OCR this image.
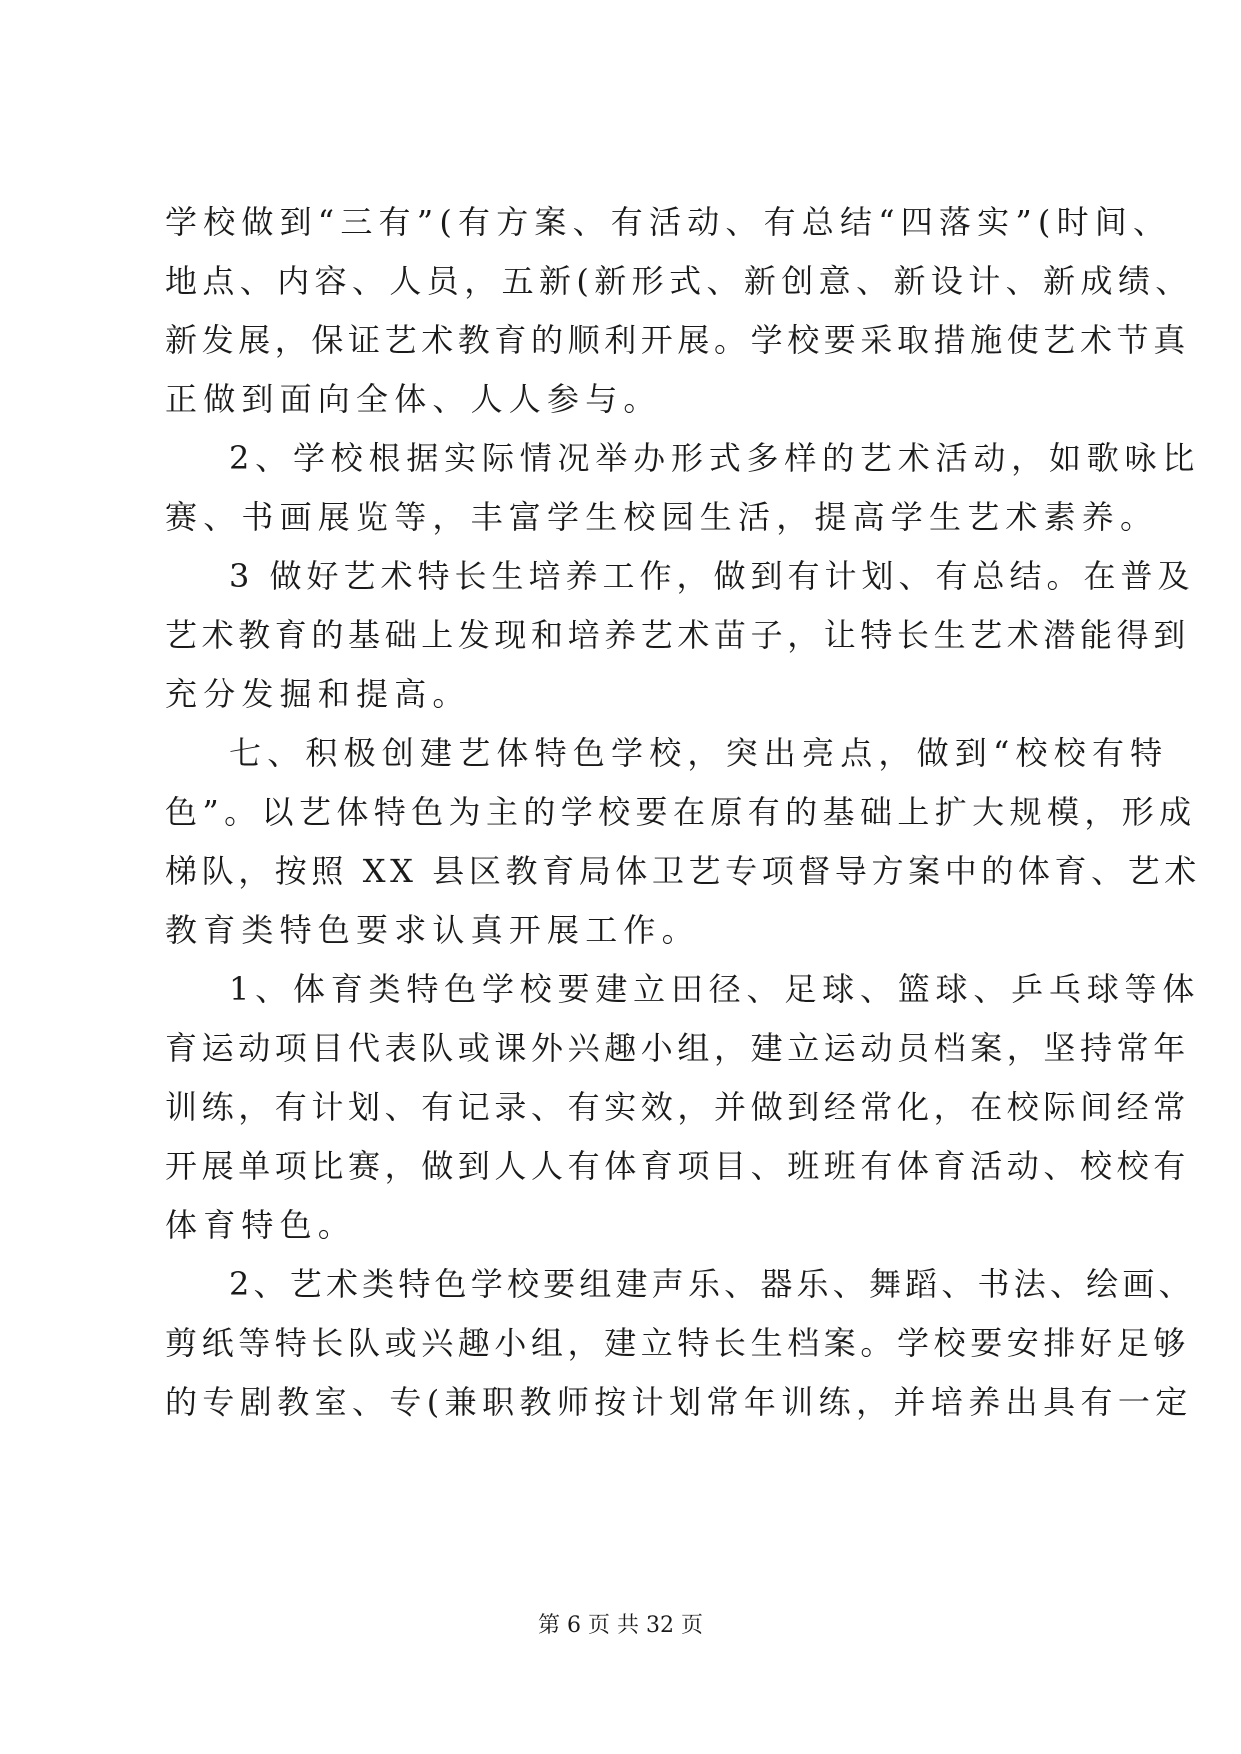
学校做到“三有”(有方案、有活动、有总结“四落实”(时间、
地点、内容、人员，五新(新形式、新创意、新设计、新成绩、
新发展，保证艺术教育的顺利开展。学校要采取措施使艺术节真
正做到面向全体、人人参与。
2、学校根据实际情况举办形式多样的艺术活动，如歌咏比
赛、书画展览等，丰富学生校园生活，提高学生艺术素养。
3 做好艺术特长生培养工作，做到有计划、有总结。在普及
艺术教育的基础上发现和培养艺术苗子，让特长生艺术潜能得到
充分发掘和提高。
七、积极创建艺体特色学校，突出亮点，做到“校校有特
色”。以艺体特色为主的学校要在原有的基础上扩大规模，形成
梯队，按照 XX 县区教育局体卫艺专项督导方案中的体育、艺术
教育类特色要求认真开展工作。
1、体育类特色学校要建立田径、足球、篮球、乒乓球等体
育运动项目代表队或课外兴趣小组，建立运动员档案，坚持常年
训练，有计划、有记录、有实效，并做到经常化，在校际间经常
开展单项比赛，做到人人有体育项目、班班有体育活动、校校有
体育特色。
2、艺术类特色学校要组建声乐、器乐、舞蹈、书法、绘画、
剪纸等特长队或兴趣小组，建立特长生档案。学校要安排好足够
的专剧教室、专(兼职教师按计划常年训练，并培养出具有一定
第 6 页 共 32 页
